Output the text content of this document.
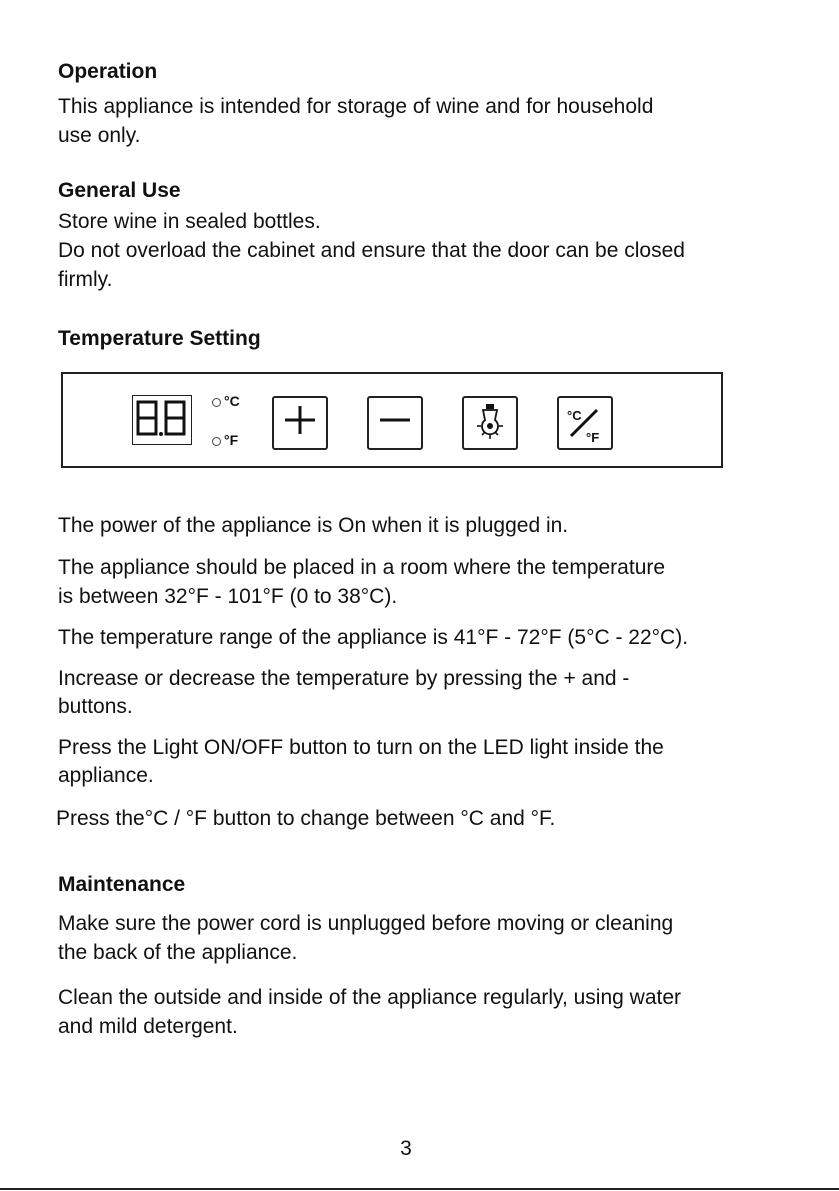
Operation

This appliance is intended for storage of wine and for household

use only.

General Use

Store wine in sealed bottles.

Do not overload the cabinet and ensure that the door can be closed

firmly.

Temperature Setting
°C
°F
°C
°F

The power of the appliance is On when it is plugged in.

The appliance should be placed in a room where the temperature

is between 32°F - 101°F (0 to 38°C).

The temperature range of the appliance is 41°F - 72°F (5°C - 22°C).

Increase or decrease the temperature by pressing the + and -

buttons.

Press the Light ON/OFF button to turn on the LED light inside the

appliance.

Press the°C / °F button to change between °C and °F.

Maintenance

Make sure the power cord is unplugged before moving or cleaning

the back of the appliance.

Clean the outside and inside of the appliance regularly, using water

and mild detergent.

3
